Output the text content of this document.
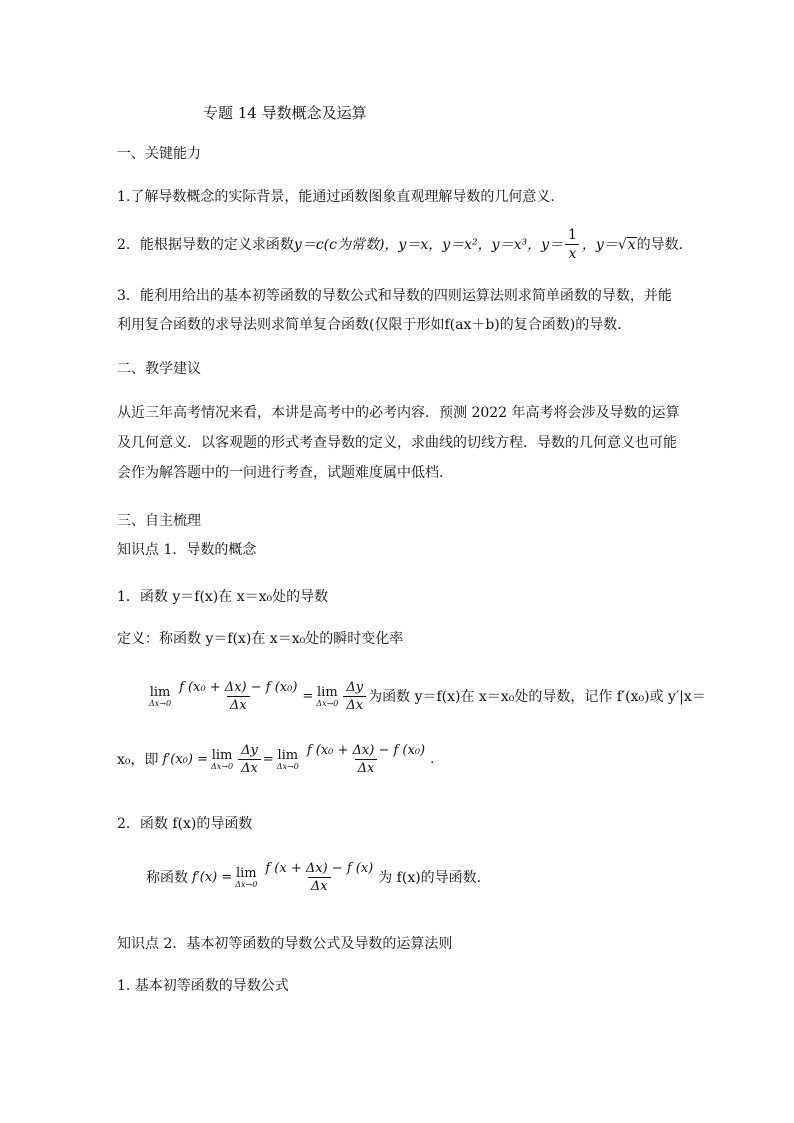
专题 14 导数概念及运算
一、关键能力
1.了解导数概念的实际背景，能通过函数图象直观理解导数的几何意义．
2．能根据导数的定义求函数 y＝c(c为常数)，y＝x，y＝x²，y＝x³，$y= \frac{1}{x}$ ，y＝ √ x 的导数．
3．能利用给出的基本初等函数的导数公式和导数的四则运算法则求简单函数的导数，并能
利用复合函数的求导法则求简单复合函数(仅限于形如f(ax＋b)的复合函数)的导数．
二、教学建议
从近三年高考情况来看，本讲是高考中的必考内容．预测 2022 年高考将会涉及导数的运算
及几何意义．以客观题的形式考查导数的定义，求曲线的切线方程．导数的几何意义也可能
会作为解答题中的一问进行考查，试题难度属中低档.
三、自主梳理
知识点 1．导数的概念
1．函数 y＝f(x)在 x＝x₀处的导数
定义：称函数 y＝f(x)在 x＝x₀处的瞬时变化率
lim
$\Delta x\to 0 \frac{\text{f (x₀ + Δx) − f (x₀)}}{\Delta x} = \lim$
$\Delta x\to 0 \frac{\Delta y}{\Delta x}$ 为函数 y＝f(x)在 x＝x₀处的导数，记作 f′(x₀)或 y′|x＝
x₀，即 f′(x₀) = lim
$\Delta x\to 0 \frac{\Delta y}{\Delta x} = \lim$
$\Delta x\to 0 \frac{\text{f (x₀ + Δx) − f (x₀)}}{\Delta x}$ .
2．函数 f(x)的导函数
称函数 f′(x) = lim
$\Delta x\to 0 \frac{f (x + \Delta x) - f (x)}{\Delta x}$ 为 f(x)的导函数．
知识点 2．基本初等函数的导数公式及导数的运算法则
1. 基本初等函数的导数公式
